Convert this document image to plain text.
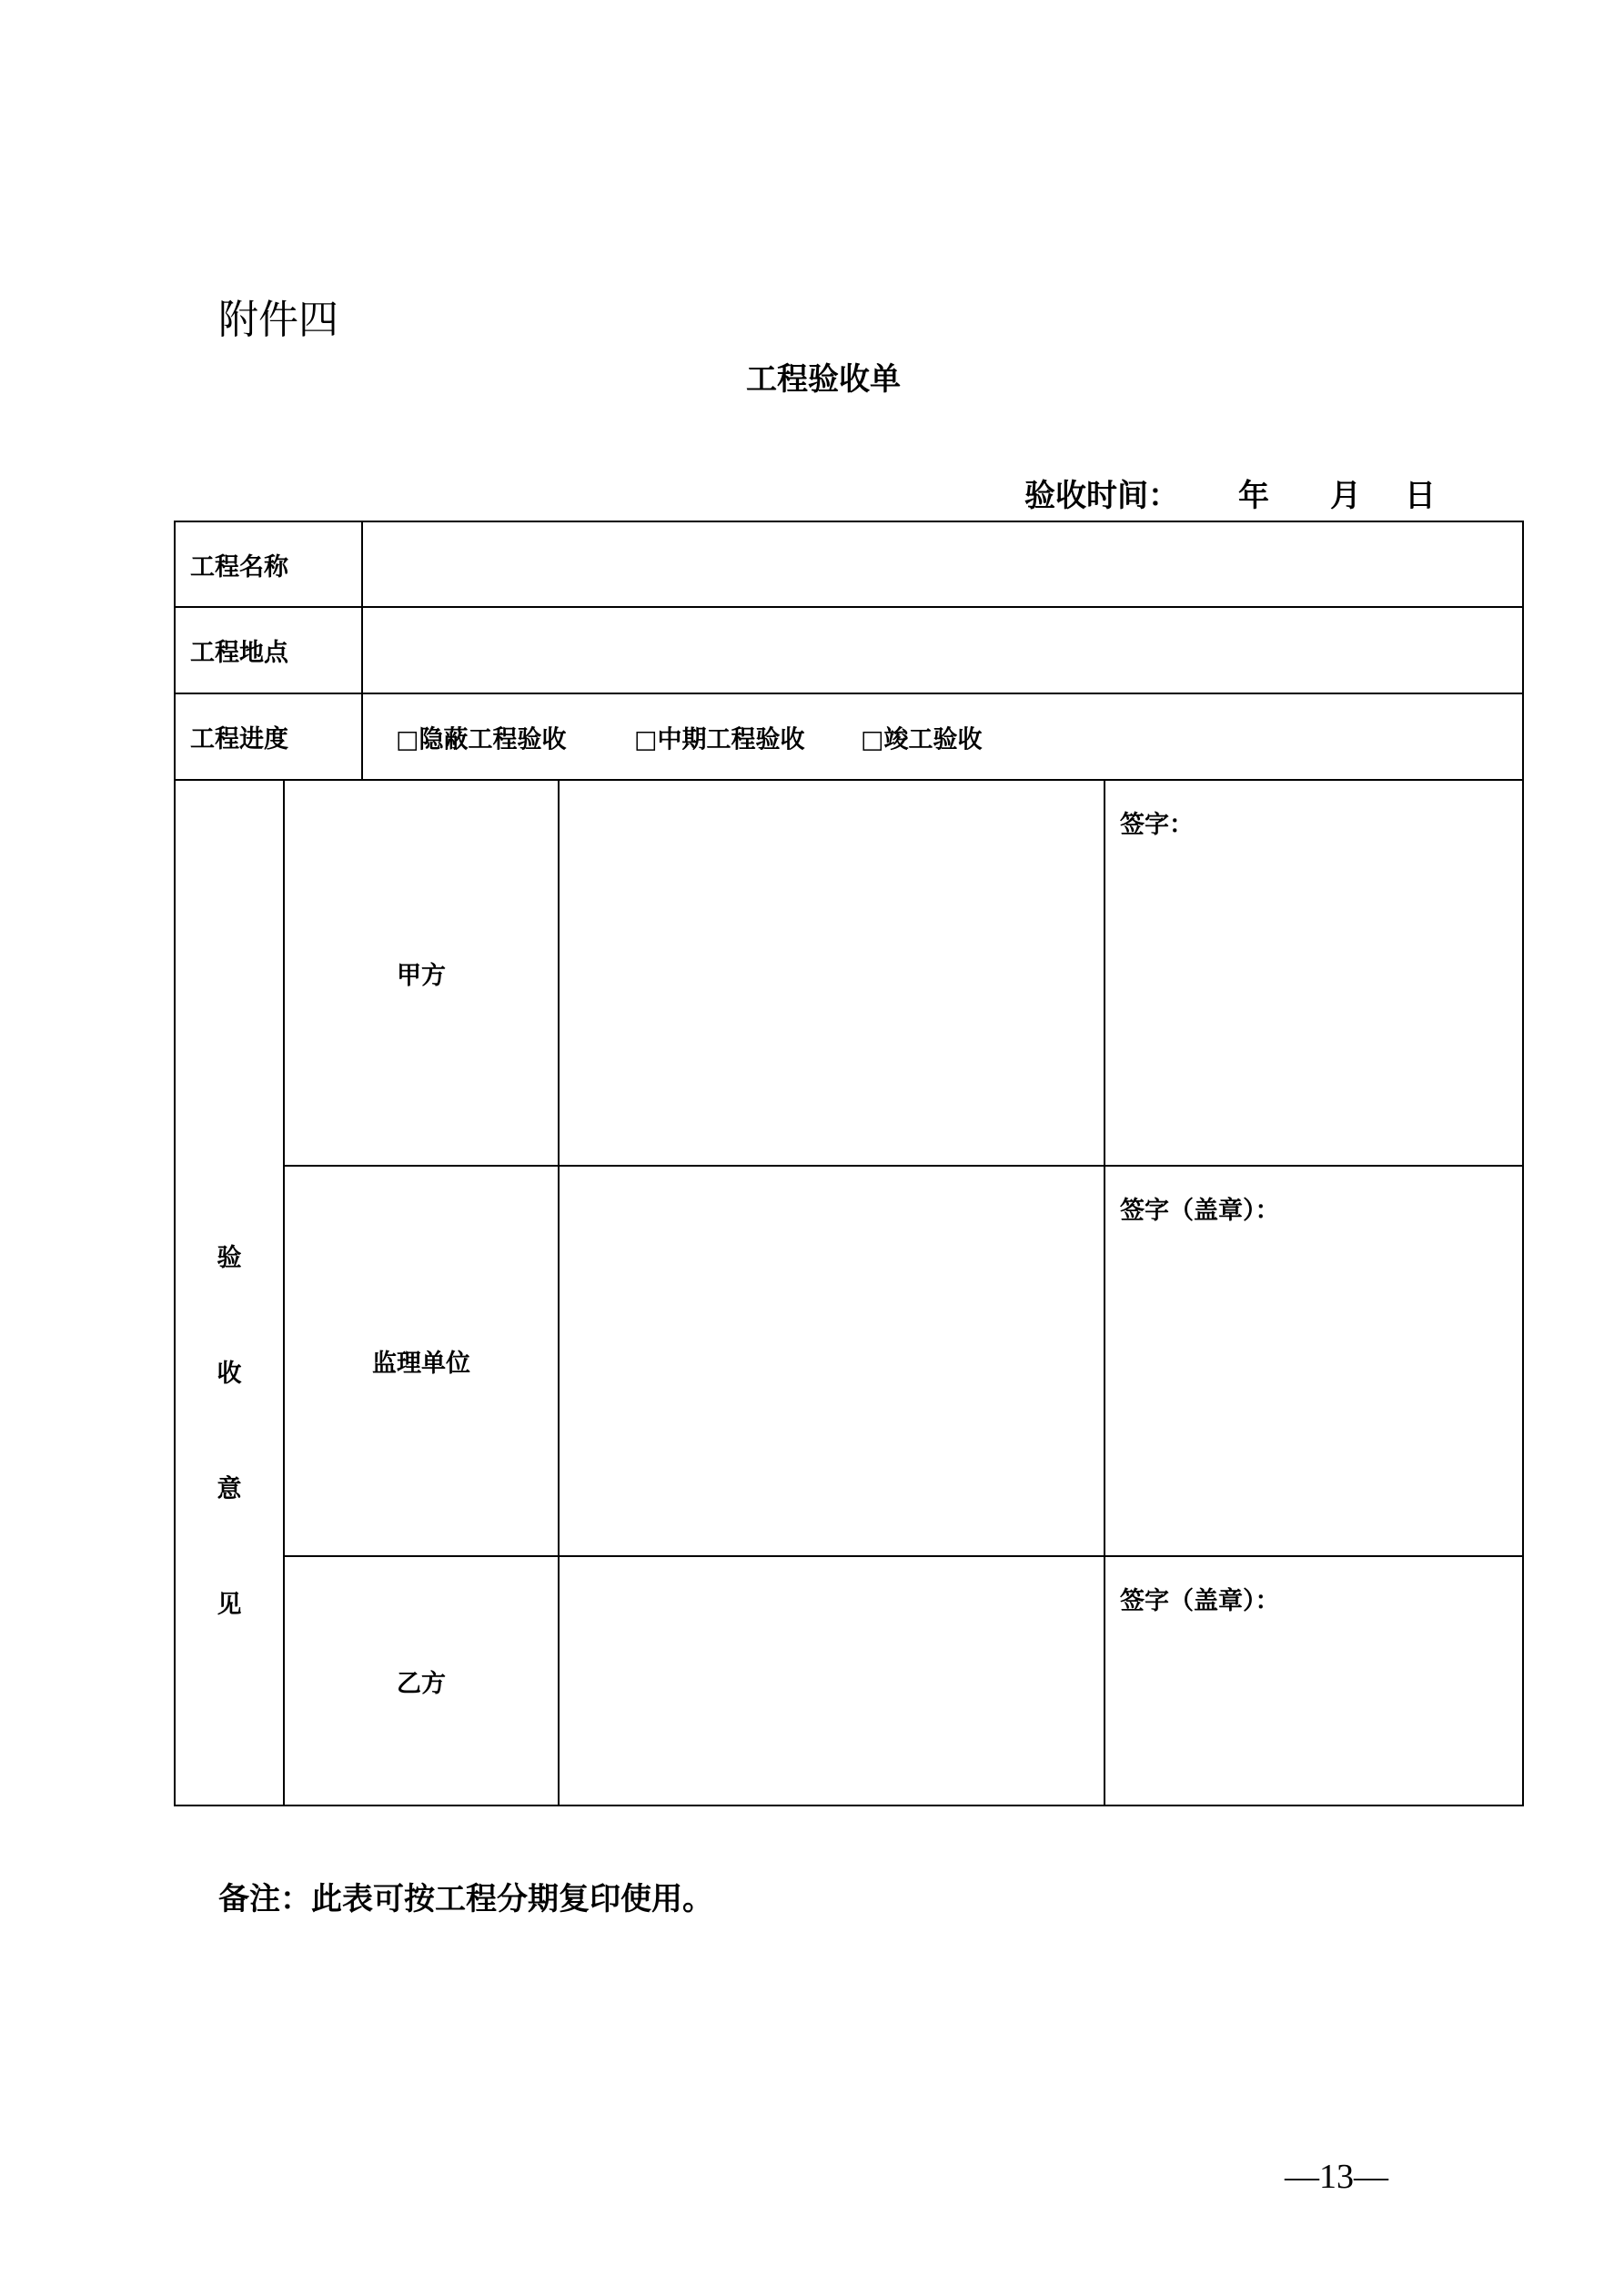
附件四
工程验收单
验收时间： 年 月 日
工程名称				
工程地点				
工程进度		□隐蔽工程验收 □中期工程验收 □竣工验收		

验
收
意
见	甲方			签字：
	监理单位			签字（盖章）：
	乙方			签字（盖章）：
备注：此表可按工程分期复印使用。
—13—
